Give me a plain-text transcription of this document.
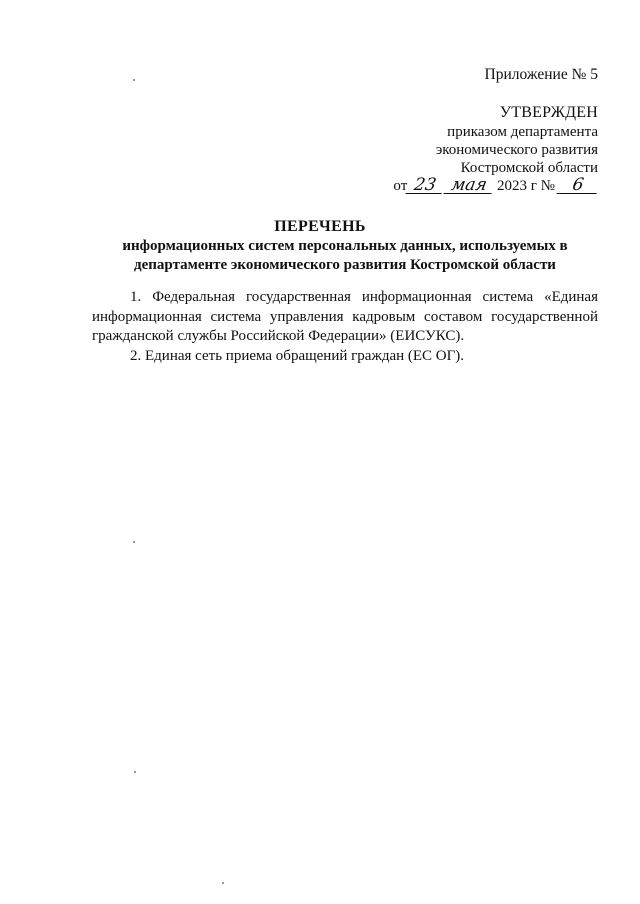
Приложение № 5
УТВЕРЖДЕН
приказом департамента
экономического развития
Костромской области
от 23 мая 2023 г № 6
ПЕРЕЧЕНЬ
информационных систем персональных данных, используемых в департаменте экономического развития Костромской области

1. Федеральная государственная информационная система «Единая информационная система управления кадровым составом государственной гражданской службы Российской Федерации» (ЕИСУКС).

2. Единая сеть приема обращений граждан (ЕС ОГ).
